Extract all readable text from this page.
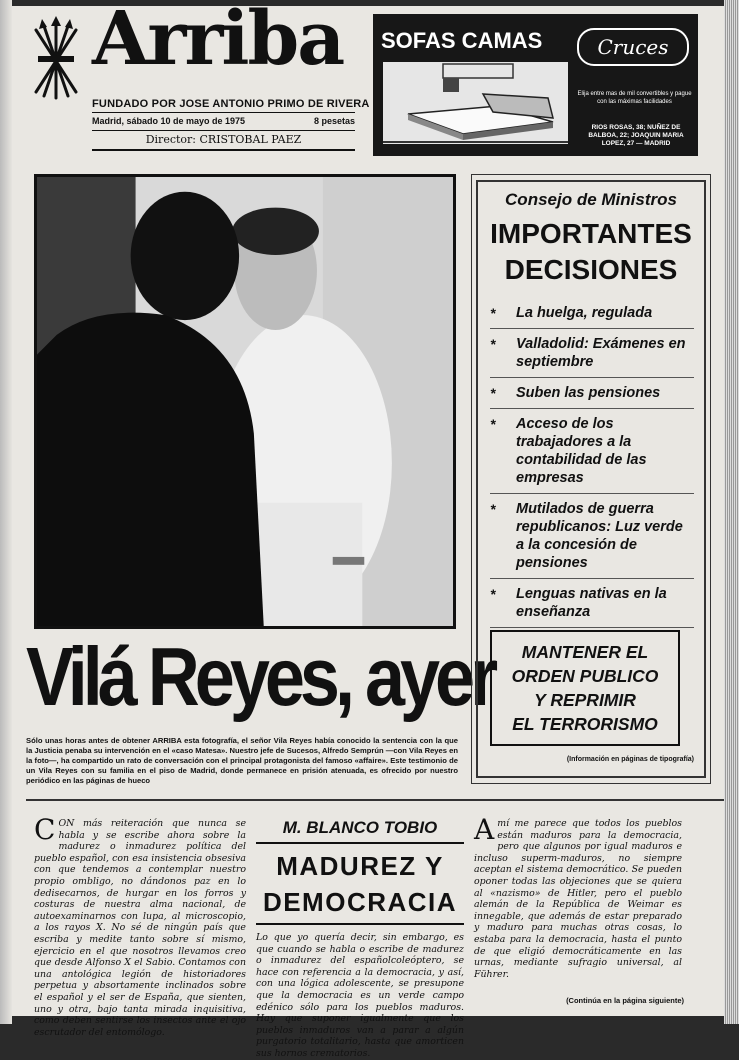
Arriba
FUNDADO POR JOSE ANTONIO PRIMO DE RIVERA
Madrid, sábado 10 de mayo de 1975	8 pesetas
Director: CRISTOBAL PAEZ
SOFAS CAMAS	Cruces
Elija entre mas de mil convertibles y pague con las máximas facilidades
RIOS ROSAS, 38; NUÑEZ DE BALBOA, 22; JOAQUIN MARIA LOPEZ, 27 — MADRID
Vilá Reyes, ayer
Sólo unas horas antes de obtener ARRIBA esta fotografía, el señor Vila Reyes había conocido la sentencia con la que la Justicia penaba su intervención en el «caso Matesa». Nuestro jefe de Sucesos, Alfredo Semprún —con Vila Reyes en la foto—, ha compartido un rato de conversación con el principal protagonista del famoso «affaire». Este testimonio de un Vila Reyes con su familia en el piso de Madrid, donde permanece en prisión atenuada, es ofrecido por nuestro periódico en las páginas de hueco
Consejo de Ministros
IMPORTANTES
DECISIONES
*	La huelga, regulada
*	Valladolid: Exámenes en septiembre
*	Suben las pensiones
*	Acceso de los trabajadores a la contabilidad de las empresas
*	Mutilados de guerra republicanos: Luz verde a la concesión de pensiones
*	Lenguas nativas en la enseñanza
MANTENER EL
ORDEN PUBLICO
Y REPRIMIR
EL TERRORISMO
(Información en páginas de tipografía)
CON más reiteración que nunca se habla y se escribe ahora sobre la madurez o inmadurez política del pueblo español, con esa insistencia obsesiva con que tendemos a contemplar nuestro propio ombligo, no dándonos paz en lo dedisecarnos, de hurgar en los forros y costuras de nuestra alma nacional, de autoexaminarnos con lupa, al microscopio, a los rayos X. No sé de ningún país que escriba y medite tanto sobre sí mismo, ejercicio en el que nosotros llevamos creo que desde Alfonso X el Sabio. Contamos con una antológica legión de historiadores perpetua y absortamente inclinados sobre el español y el ser de España, que sienten, uno y otra, bajo tanta mirada inquisitiva, como deben sentirse los insectos ante el ojo escrutador del entomólogo.
M. BLANCO TOBIO
MADUREZ Y
DEMOCRACIA
Lo que yo quería decir, sin embargo, es que cuando se habla o escribe de madurez o inmadurez del españolcoleóptero, se hace con referencia a la democracia, y así, con una lógica adolescente, se presupone que la democracia es un verde campo edénico sólo para los pueblos maduros. Hay que suponer igualmente que los pueblos inmaduros van a parar a algún purgatorio totalitario, hasta que amorticen sus hornos crematorios.
Amí me parece que todos los pueblos están maduros para la democracia, pero que algunos por igual maduros e incluso superm-maduros, no siempre aceptan el sistema democrático. Se pueden oponer todas las objeciones que se quiera al «nazismo» de Hitler, pero el pueblo alemán de la República de Weimar es innegable, que además de estar preparado y maduro para muchas otras cosas, lo estaba para la democracia, hasta el punto de que eligió democráticamente en las urnas, mediante sufragio universal, al Führer.
(Continúa en la página siguiente)
